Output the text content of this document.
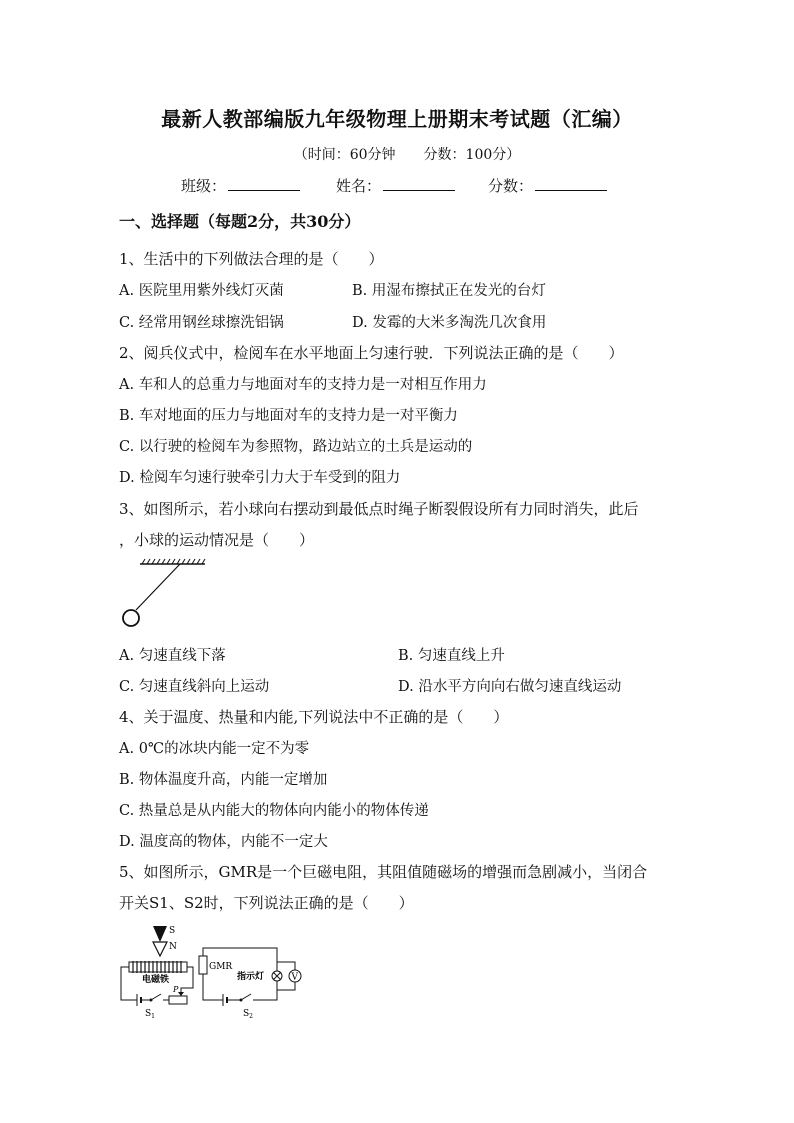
最新人教部编版九年级物理上册期末考试题（汇编）
（时间：60分钟　　分数：100分）
班级：	姓名：	分数：
一、选择题（每题2分，共30分）
1、生活中的下列做法合理的是（　　）
A. 医院里用紫外线灯灭菌	B. 用湿布擦拭正在发光的台灯
C. 经常用钢丝球擦洗铝锅	D. 发霉的大米多淘洗几次食用
2、阅兵仪式中，检阅车在水平地面上匀速行驶．下列说法正确的是（　　）
A. 车和人的总重力与地面对车的支持力是一对相互作用力
B. 车对地面的压力与地面对车的支持力是一对平衡力
C. 以行驶的检阅车为参照物，路边站立的土兵是运动的
D. 检阅车匀速行驶牵引力大于车受到的阻力
3、如图所示，若小球向右摆动到最低点时绳子断裂假设所有力同时消失，此后
，小球的运动情况是（　　）
A. 匀速直线下落	B. 匀速直线上升
C. 匀速直线斜向上运动	D. 沿水平方向向右做匀速直线运动
4、关于温度、热量和内能,下列说法中不正确的是（　　）
A. 0℃的冰块内能一定不为零
B. 物体温度升高，内能一定增加
C. 热量总是从内能大的物体向内能小的物体传递
D. 温度高的物体，内能不一定大
5、如图所示，GMR是一个巨磁电阻，其阻值随磁场的增强而急剧减小，当闭合
开关S1、S2时，下列说法正确的是（　　）
S
N
电磁铁
$S_1$
P
GMR
$S_2$
指示灯	V
